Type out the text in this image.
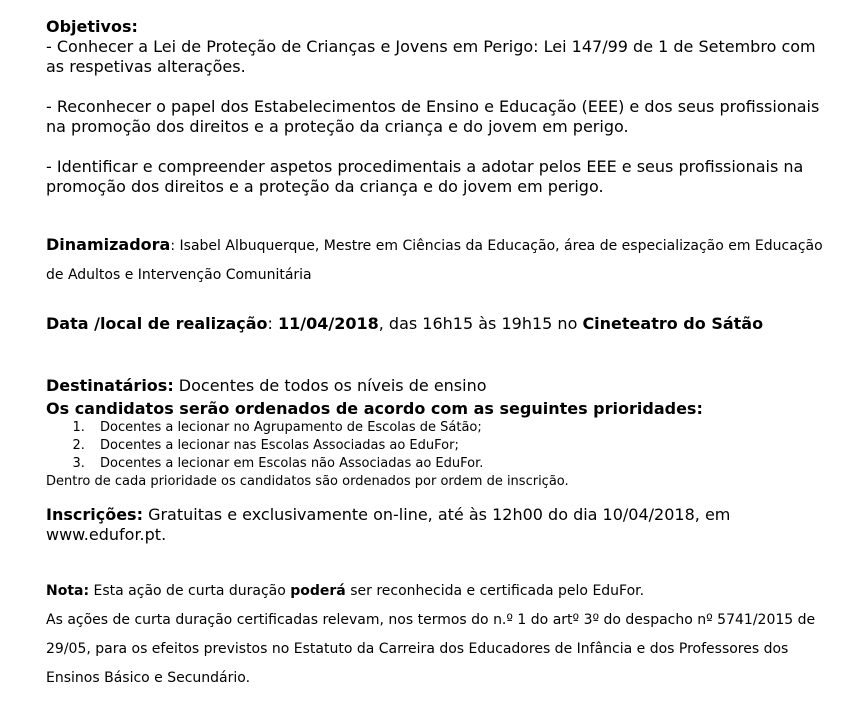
Objetivos:

- Conhecer a Lei de Proteção de Crianças e Jovens em Perigo: Lei 147/99 de 1 de Setembro com as respetivas alterações.

- Reconhecer o papel dos Estabelecimentos de Ensino e Educação (EEE) e dos seus profissionais na promoção dos direitos e a proteção da criança e do jovem em perigo.

- Identificar e compreender aspetos procedimentais a adotar pelos EEE e seus profissionais na promoção dos direitos e a proteção da criança e do jovem em perigo.

Dinamizadora: Isabel Albuquerque, Mestre em Ciências da Educação, área de especialização em Educação de Adultos e Intervenção Comunitária

Data /local de realização: 11/04/2018, das 16h15 às 19h15 no Cineteatro do Sátão

Destinatários: Docentes de todos os níveis de ensino

Os candidatos serão ordenados de acordo com as seguintes prioridades:

1. Docentes a lecionar no Agrupamento de Escolas de Sátão;
2. Docentes a lecionar nas Escolas Associadas ao EduFor;
3. Docentes a lecionar em Escolas não Associadas ao EduFor.

Dentro de cada prioridade os candidatos são ordenados por ordem de inscrição.

Inscrições: Gratuitas e exclusivamente on-line, até às 12h00 do dia 10/04/2018, em www.edufor.pt.

Nota: Esta ação de curta duração poderá ser reconhecida e certificada pelo EduFor.

As ações de curta duração certificadas relevam, nos termos do n.º 1 do artº 3º do despacho nº 5741/2015 de 29/05, para os efeitos previstos no Estatuto da Carreira dos Educadores de Infância e dos Professores dos Ensinos Básico e Secundário.
